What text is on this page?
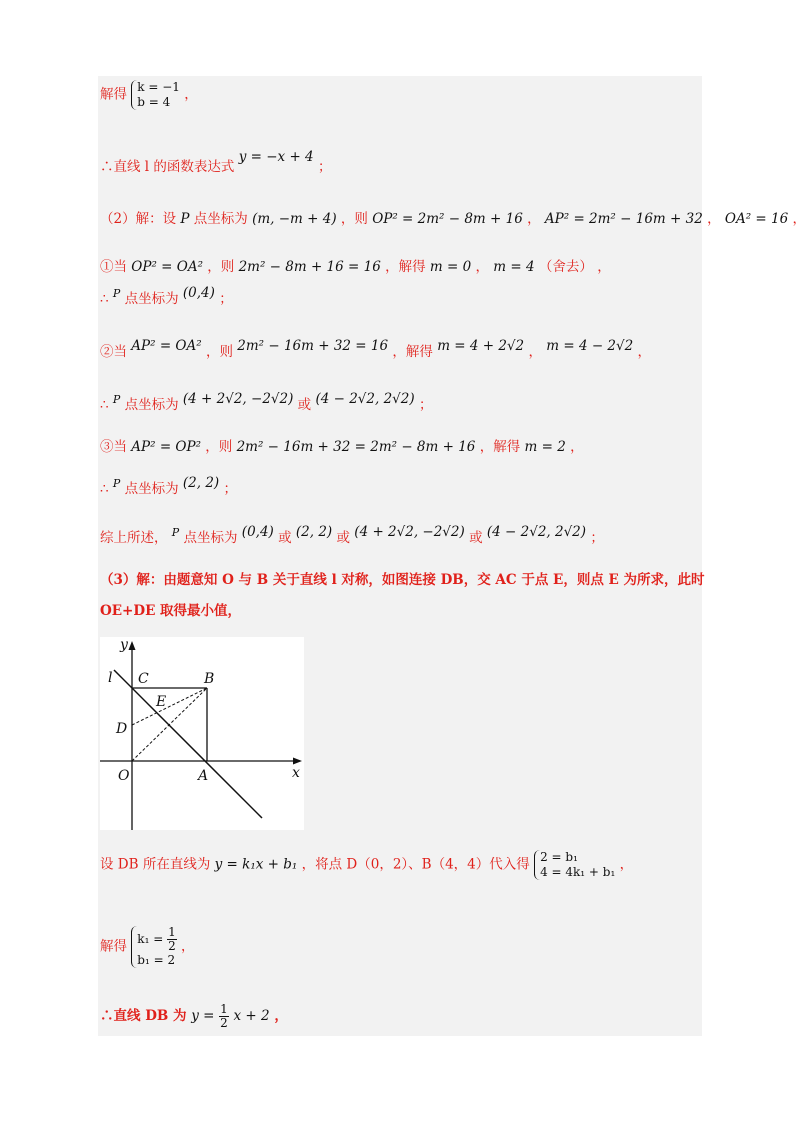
解得 k = −1
b = 4	，
∴直线 l 的函数表达式 y = −x + 4 ；
（2）解：设 P 点坐标为 (m, −m + 4) ，则 OP² = 2m² − 8m + 16 ， AP² = 2m² − 16m + 32 ， OA² = 16 ，
①当 OP² = OA² ，则 2m² − 8m + 16 = 16 ，解得 m = 0 ， m = 4 （舍去） ，
∴ $^P$ 点坐标为 (0,4) ；
②当 AP² = OA² ，则 2m² − 16m + 32 = 16 ，解得 m = 4 + 2√2 ， m = 4 − 2√2 ，
∴ $^P$ 点坐标为 (4 + 2√2, −2√2) 或 (4 − 2√2, 2√2) ；
③当 AP² = OP² ，则 2m² − 16m + 32 = 2m² − 8m + 16 ，解得 m = 2 ，
∴ $^P$ 点坐标为 (2, 2) ；
综上所述， $^P$ 点坐标为 (0,4) 或 (2, 2) 或 (4 + 2√2, −2√2) 或 (4 − 2√2, 2√2) ；
（3）解：由题意知 O 与 B 关于直线 l 对称，如图连接 DB，交 AC 于点 E，则点 E 为所求，此时
OE+DE 取得最小值，
y
x
l C	B
E
D
O	A
设 DB 所在直线为 y = k₁x + b₁ ，将点 D（0，2）、B（4，4）代入得 2 = b₁
4 = 4k₁ + b₁ ，
解得 $k_1 = \frac{1}{2}$
b₁ = 2
，
∴直线 DB 为 $y = \frac{1}{2}$ x + 2 ，
